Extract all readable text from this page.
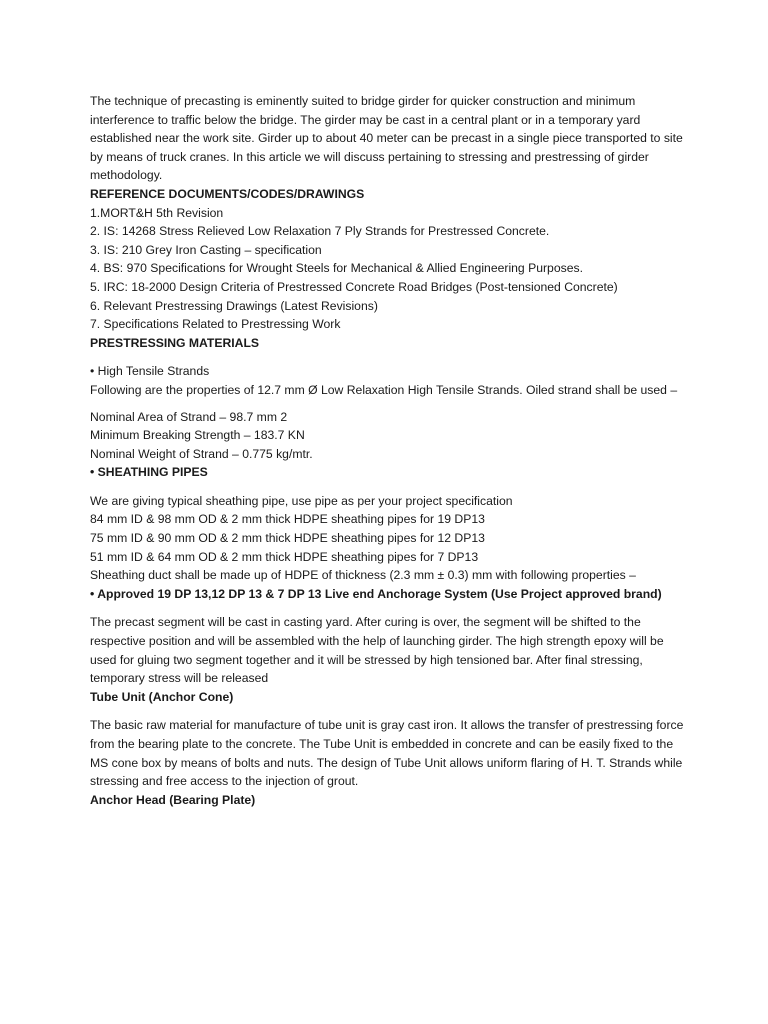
The technique of precasting is eminently suited to bridge girder for quicker construction and minimum interference to traffic below the bridge. The girder may be cast in a central plant or in a temporary yard established near the work site. Girder up to about 40 meter can be precast in a single piece transported to site by means of truck cranes. In this article we will discuss pertaining to stressing and prestressing of girder methodology.

REFERENCE DOCUMENTS/CODES/DRAWINGS

1.MORT&H 5th Revision
2. IS: 14268 Stress Relieved Low Relaxation 7 Ply Strands for Prestressed Concrete.
3. IS: 210 Grey Iron Casting – specification
4. BS: 970 Specifications for Wrought Steels for Mechanical & Allied Engineering Purposes.
5. IRC: 18-2000 Design Criteria of Prestressed Concrete Road Bridges (Post-tensioned Concrete)
6. Relevant Prestressing Drawings (Latest Revisions)
7. Specifications Related to Prestressing Work

PRESTRESSING MATERIALS

• High Tensile Strands

Following are the properties of 12.7 mm Ø Low Relaxation High Tensile Strands. Oiled strand shall be used –

Nominal Area of Strand – 98.7 mm 2
Minimum Breaking Strength – 183.7 KN
Nominal Weight of Strand – 0.775 kg/mtr.

• SHEATHING PIPES

We are giving typical sheathing pipe, use pipe as per your project specification
84 mm ID & 98 mm OD & 2 mm thick HDPE sheathing pipes for 19 DP13
75 mm ID & 90 mm OD & 2 mm thick HDPE sheathing pipes for 12 DP13
51 mm ID & 64 mm OD & 2 mm thick HDPE sheathing pipes for 7 DP13
Sheathing duct shall be made up of HDPE of thickness (2.3 mm ± 0.3) mm with following properties –

• Approved 19 DP 13,12 DP 13 & 7 DP 13 Live end Anchorage System (Use Project approved brand)

The precast segment will be cast in casting yard. After curing is over, the segment will be shifted to the respective position and will be assembled with the help of launching girder. The high strength epoxy will be used for gluing two segment together and it will be stressed by high tensioned bar. After final stressing, temporary stress will be released

Tube Unit (Anchor Cone)

The basic raw material for manufacture of tube unit is gray cast iron. It allows the transfer of prestressing force from the bearing plate to the concrete. The Tube Unit is embedded in concrete and can be easily fixed to the MS cone box by means of bolts and nuts. The design of Tube Unit allows uniform flaring of H. T. Strands while stressing and free access to the injection of grout.

Anchor Head (Bearing Plate)
